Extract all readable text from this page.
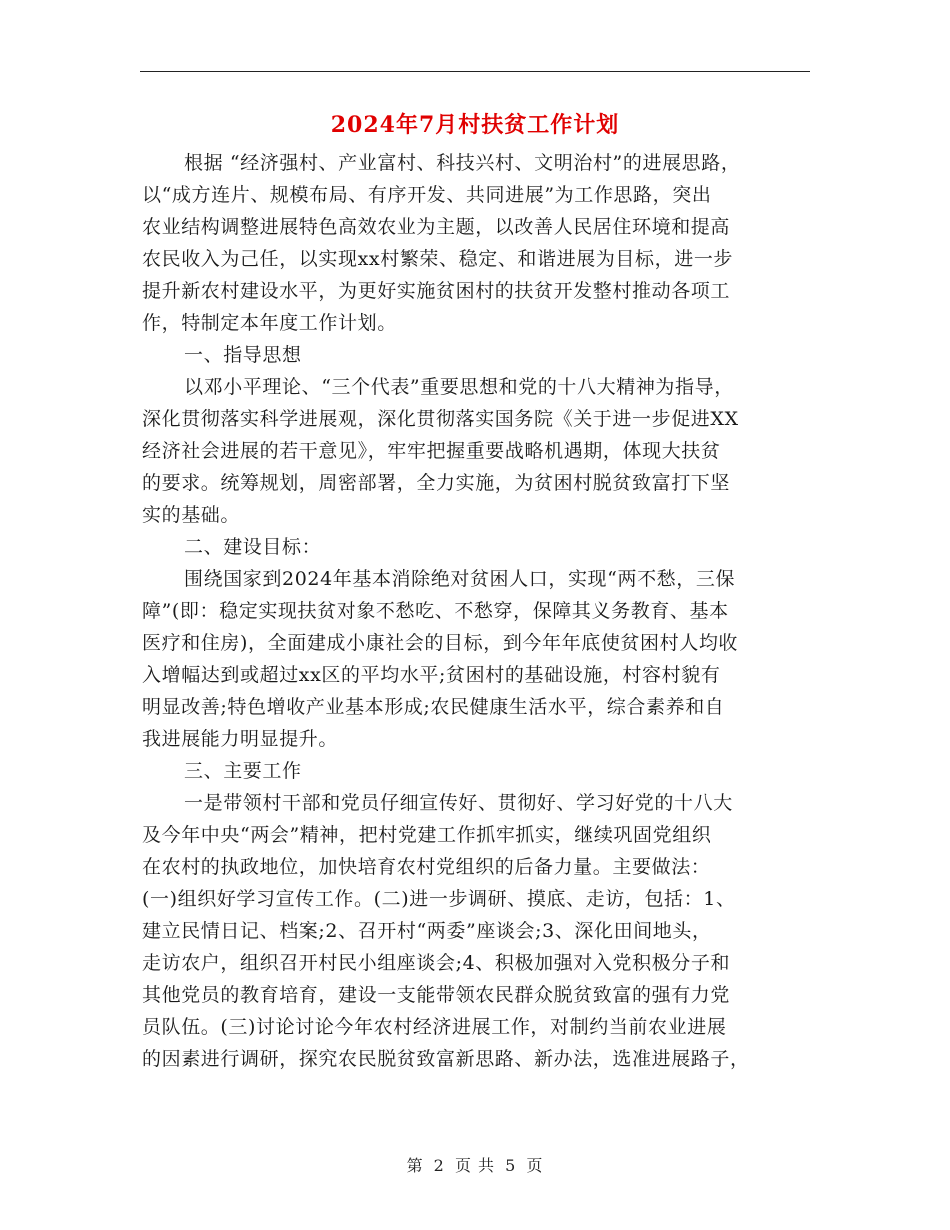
2024年7月村扶贫工作计划
根据 “经济强村、产业富村、科技兴村、文明治村”的进展思路，
以“成方连片、规模布局、有序开发、共同进展”为工作思路，突出
农业结构调整进展特色高效农业为主题，以改善人民居住环境和提高
农民收入为己任，以实现xx村繁荣、稳定、和谐进展为目标，进一步
提升新农村建设水平，为更好实施贫困村的扶贫开发整村推动各项工
作，特制定本年度工作计划。
一、指导思想
以邓小平理论、“三个代表”重要思想和党的十八大精神为指导，
深化贯彻落实科学进展观，深化贯彻落实国务院《关于进一步促进XX
经济社会进展的若干意见》，牢牢把握重要战略机遇期，体现大扶贫
的要求。统筹规划，周密部署，全力实施，为贫困村脱贫致富打下坚
实的基础。
二、建设目标：
围绕国家到2024年基本消除绝对贫困人口，实现“两不愁，三保
障”(即：稳定实现扶贫对象不愁吃、不愁穿，保障其义务教育、基本
医疗和住房)，全面建成小康社会的目标，到今年年底使贫困村人均收
入增幅达到或超过xx区的平均水平;贫困村的基础设施，村容村貌有
明显改善;特色增收产业基本形成;农民健康生活水平，综合素养和自
我进展能力明显提升。
三、主要工作
一是带领村干部和党员仔细宣传好、贯彻好、学习好党的十八大
及今年中央“两会”精神，把村党建工作抓牢抓实，继续巩固党组织
在农村的执政地位，加快培育农村党组织的后备力量。主要做法：
(一)组织好学习宣传工作。(二)进一步调研、摸底、走访，包括：1、
建立民情日记、档案;2、召开村“两委”座谈会;3、深化田间地头，
走访农户，组织召开村民小组座谈会;4、积极加强对入党积极分子和
其他党员的教育培育，建设一支能带领农民群众脱贫致富的强有力党
员队伍。(三)讨论讨论今年农村经济进展工作，对制约当前农业进展
的因素进行调研，探究农民脱贫致富新思路、新办法，选准进展路子，
第 2 页 共 5 页
